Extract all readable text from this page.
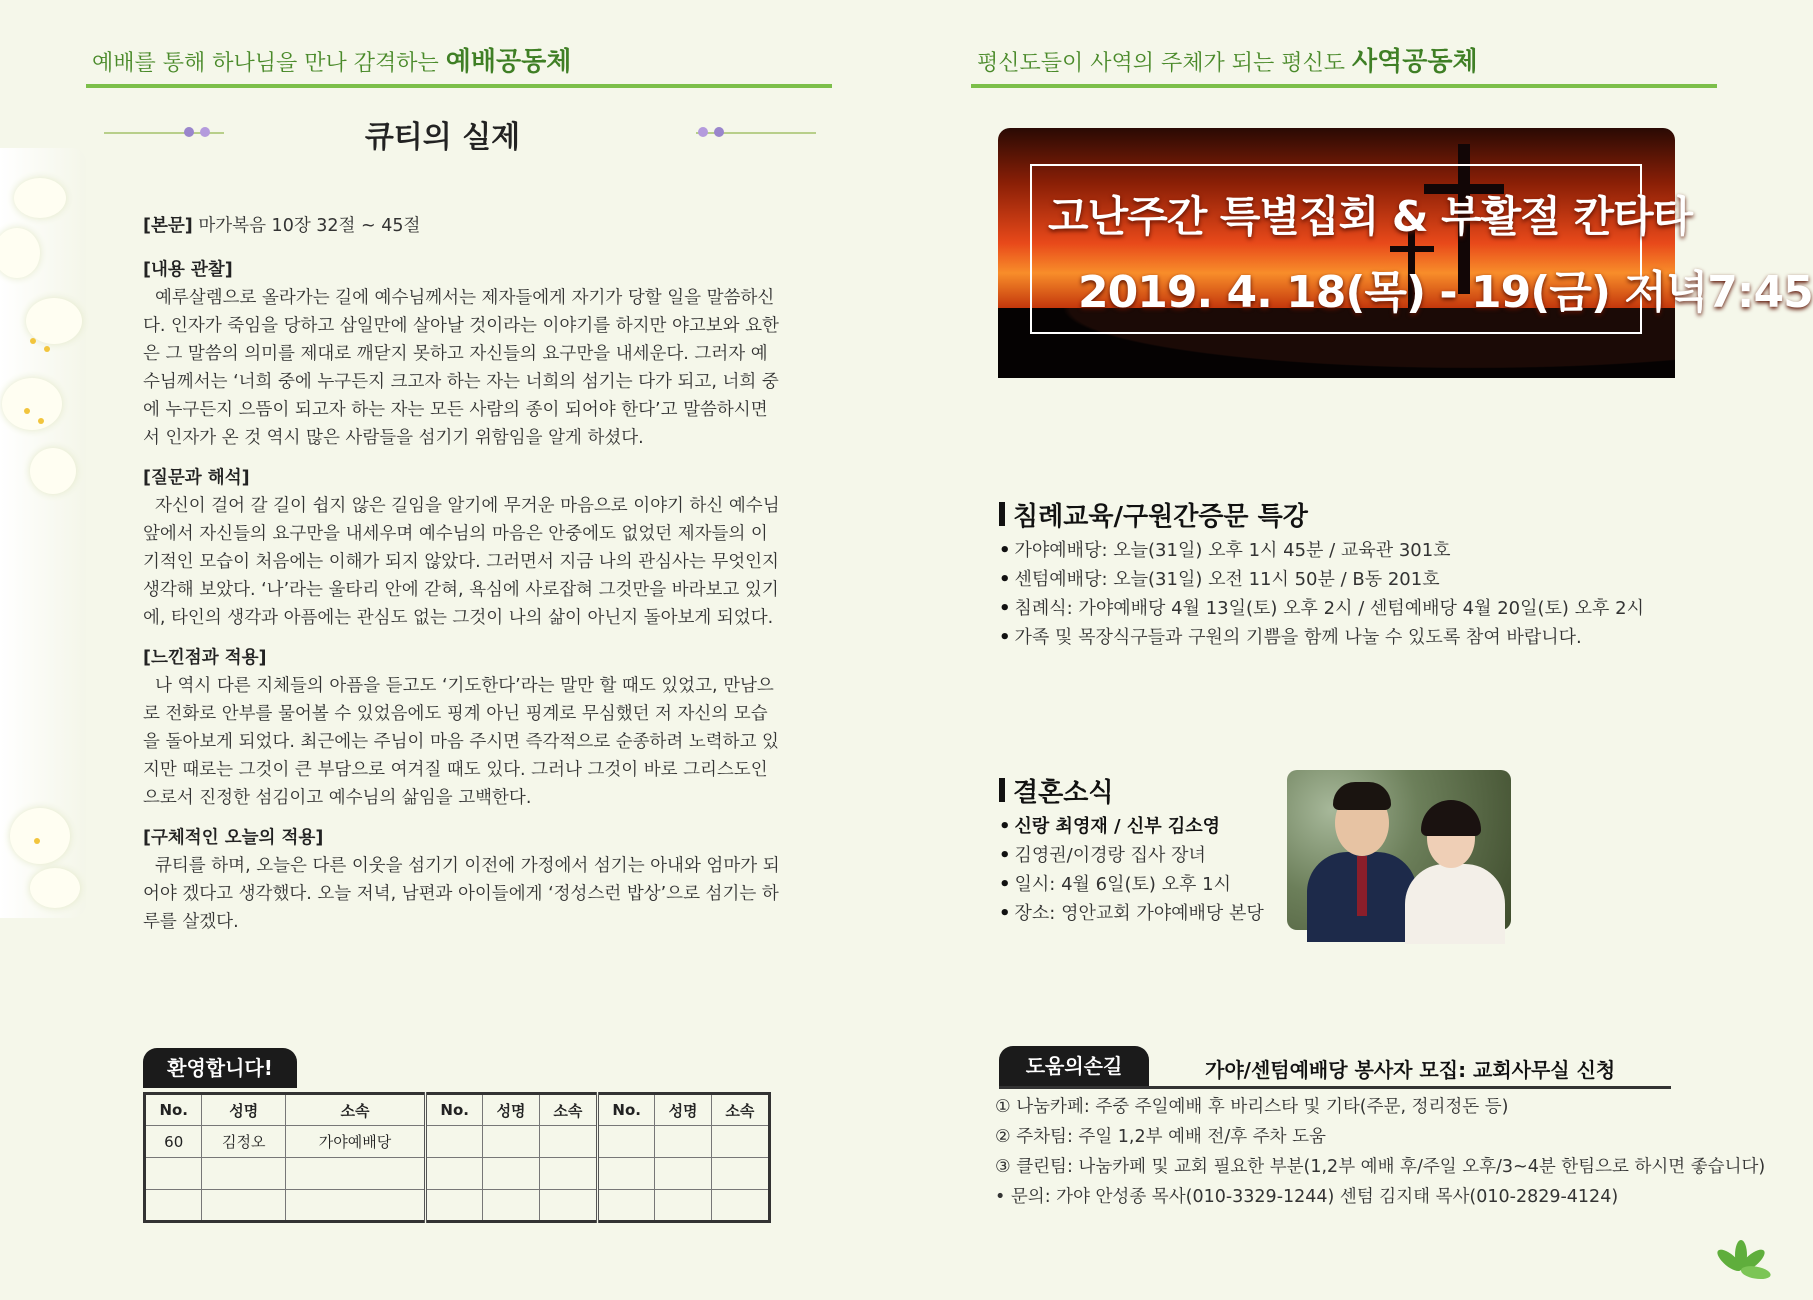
예배를 통해 하나님을 만나 감격하는 예배공동체
큐티의 실제
[본문] 마가복음 10장 32절 ~ 45절
[내용 관찰]
예루살렘으로 올라가는 길에 예수님께서는 제자들에게 자기가 당할 일을 말씀하신다. 인자가 죽임을 당하고 삼일만에 살아날 것이라는 이야기를 하지만 야고보와 요한은 그 말씀의 의미를 제대로 깨닫지 못하고 자신들의 요구만을 내세운다. 그러자 예수님께서는 ‘너희 중에 누구든지 크고자 하는 자는 너희의 섬기는 다가 되고, 너희 중에 누구든지 으뜸이 되고자 하는 자는 모든 사람의 종이 되어야 한다’고 말씀하시면서 인자가 온 것 역시 많은 사람들을 섬기기 위함임을 알게 하셨다.
[질문과 해석]
자신이 걸어 갈 길이 쉽지 않은 길임을 알기에 무거운 마음으로 이야기 하신 예수님 앞에서 자신들의 요구만을 내세우며 예수님의 마음은 안중에도 없었던 제자들의 이기적인 모습이 처음에는 이해가 되지 않았다. 그러면서 지금 나의 관심사는 무엇인지 생각해 보았다. ‘나’라는 울타리 안에 갇혀, 욕심에 사로잡혀 그것만을 바라보고 있기에, 타인의 생각과 아픔에는 관심도 없는 그것이 나의 삶이 아닌지 돌아보게 되었다.
[느낀점과 적용]
나 역시 다른 지체들의 아픔을 듣고도 ‘기도한다’라는 말만 할 때도 있었고, 만남으로 전화로 안부를 물어볼 수 있었음에도 핑계 아닌 핑계로 무심했던 저 자신의 모습을 돌아보게 되었다. 최근에는 주님이 마음 주시면 즉각적으로 순종하려 노력하고 있지만 때로는 그것이 큰 부담으로 여겨질 때도 있다. 그러나 그것이 바로 그리스도인으로서 진정한 섬김이고 예수님의 삶임을 고백한다.
[구체적인 오늘의 적용]
큐티를 하며, 오늘은 다른 이웃을 섬기기 이전에 가정에서 섬기는 아내와 엄마가 되어야 겠다고 생각했다. 오늘 저녁, 남편과 아이들에게 ‘정성스런 밥상’으로 섬기는 하루를 살겠다.
환영합니다!
No.	성명	소속	No.	성명	소속	No.	성명	소속
60	김정오	가야예배당						

평신도들이 사역의 주체가 되는 평신도 사역공동체
고난주간 특별집회 & 부활절 칸타타
2019. 4. 18(목) - 19(금) 저녁7:45
침례교육/구원간증문 특강
• 가야예배당: 오늘(31일) 오후 1시 45분 / 교육관 301호
• 센텀예배당: 오늘(31일) 오전 11시 50분 / B동 201호
• 침례식: 가야예배당 4월 13일(토) 오후 2시 / 센텀예배당 4월 20일(토) 오후 2시
• 가족 및 목장식구들과 구원의 기쁨을 함께 나눌 수 있도록 참여 바랍니다.
결혼소식
• 신랑 최영재 / 신부 김소영
• 김영권/이경랑 집사 장녀
• 일시: 4월 6일(토) 오후 1시
• 장소: 영안교회 가야예배당 본당
도움의손길	가야/센텀예배당 봉사자 모집: 교회사무실 신청
① 나눔카페: 주중 주일예배 후 바리스타 및 기타(주문, 정리정돈 등)
② 주차팀: 주일 1,2부 예배 전/후 주차 도움
③ 클린팀: 나눔카페 및 교회 필요한 부분(1,2부 예배 후/주일 오후/3~4분 한팀으로 하시면 좋습니다)
• 문의: 가야 안성종 목사(010-3329-1244) 센텀 김지태 목사(010-2829-4124)
